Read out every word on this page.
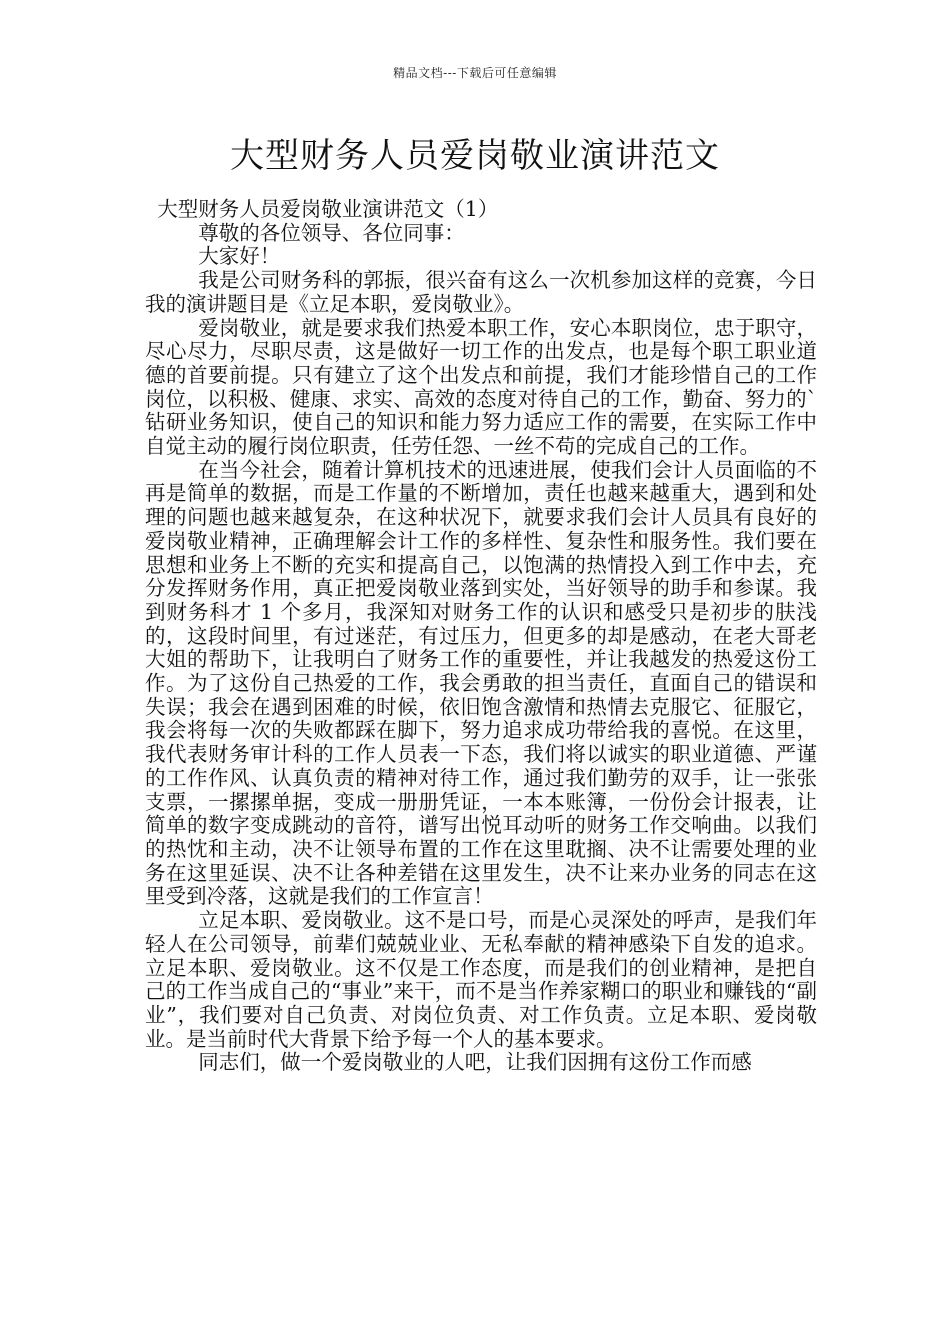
精品文档---下载后可任意编辑
大型财务人员爱岗敬业演讲范文

大型财务人员爱岗敬业演讲范文（1）

尊敬的各位领导、各位同事：

大家好！

我是公司财务科的郭振，很兴奋有这么一次机参加这样的竞赛，今日我的演讲题目是《立足本职，爱岗敬业》。

爱岗敬业，就是要求我们热爱本职工作，安心本职岗位，忠于职守，尽心尽力，尽职尽责，这是做好一切工作的出发点，也是每个职工职业道德的首要前提。只有建立了这个出发点和前提，我们才能珍惜自己的工作岗位，以积极、健康、求实、高效的态度对待自己的工作，勤奋、努力的`钻研业务知识，使自己的知识和能力努力适应工作的需要，在实际工作中自觉主动的履行岗位职责，任劳任怨、一丝不苟的完成自己的工作。

在当今社会，随着计算机技术的迅速进展，使我们会计人员面临的不再是简单的数据，而是工作量的不断增加，责任也越来越重大，遇到和处理的问题也越来越复杂，在这种状况下，就要求我们会计人员具有良好的爱岗敬业精神，正确理解会计工作的多样性、复杂性和服务性。我们要在思想和业务上不断的充实和提高自己，以饱满的热情投入到工作中去，充分发挥财务作用，真正把爱岗敬业落到实处，当好领导的助手和参谋。我到财务科才 1 个多月，我深知对财务工作的认识和感受只是初步的肤浅的，这段时间里，有过迷茫，有过压力，但更多的却是感动，在老大哥老大姐的帮助下，让我明白了财务工作的重要性，并让我越发的热爱这份工作。为了这份自己热爱的工作，我会勇敢的担当责任，直面自己的错误和失误；我会在遇到困难的时候，依旧饱含激情和热情去克服它、征服它，我会将每一次的失败都踩在脚下，努力追求成功带给我的喜悦。在这里，我代表财务审计科的工作人员表一下态，我们将以诚实的职业道德、严谨的工作作风、认真负责的精神对待工作，通过我们勤劳的双手，让一张张支票，一摞摞单据，变成一册册凭证，一本本账簿，一份份会计报表，让简单的数字变成跳动的音符，谱写出悦耳动听的财务工作交响曲。以我们的热忱和主动，决不让领导布置的工作在这里耽搁、决不让需要处理的业务在这里延误、决不让各种差错在这里发生，决不让来办业务的同志在这里受到冷落，这就是我们的工作宣言！

立足本职、爱岗敬业。这不是口号，而是心灵深处的呼声，是我们年轻人在公司领导，前辈们兢兢业业、无私奉献的精神感染下自发的追求。立足本职、爱岗敬业。这不仅是工作态度，而是我们的创业精神，是把自己的工作当成自己的“事业”来干，而不是当作养家糊口的职业和赚钱的“副业”，我们要对自己负责、对岗位负责、对工作负责。立足本职、爱岗敬业。是当前时代大背景下给予每一个人的基本要求。

同志们，做一个爱岗敬业的人吧，让我们因拥有这份工作而感
